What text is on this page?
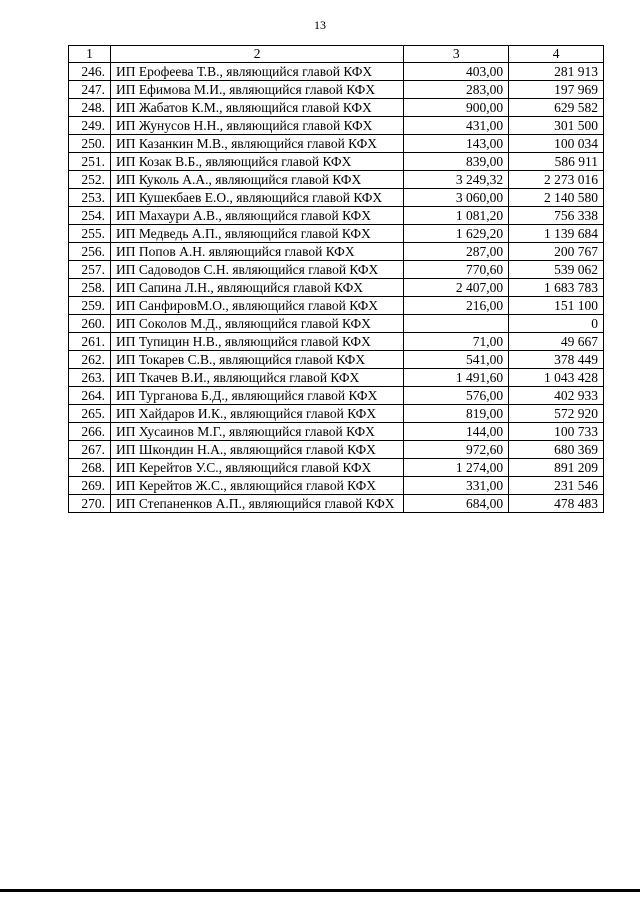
13
1	2	3	4
246.	ИП Ерофеева Т.В., являющийся главой КФХ	403,00	281 913
247.	ИП Ефимова М.И., являющийся главой КФХ	283,00	197 969
248.	ИП Жабатов К.М., являющийся главой КФХ	900,00	629 582
249.	ИП Жунусов Н.Н., являющийся главой КФХ	431,00	301 500
250.	ИП Казанкин М.В., являющийся главой КФХ	143,00	100 034
251.	ИП Козак В.Б., являющийся главой КФХ	839,00	586 911
252.	ИП Куколь А.А., являющийся главой КФХ	3 249,32	2 273 016
253.	ИП Кушекбаев Е.О., являющийся главой КФХ	3 060,00	2 140 580
254.	ИП Махаури А.В., являющийся главой КФХ	1 081,20	756 338
255.	ИП Медведь А.П., являющийся главой КФХ	1 629,20	1 139 684
256.	ИП Попов А.Н. являющийся главой КФХ	287,00	200 767
257.	ИП Садоводов С.Н. являющийся главой КФХ	770,60	539 062
258.	ИП Сапина Л.Н., являющийся главой КФХ	2 407,00	1 683 783
259.	ИП СанфировМ.О., являющийся главой КФХ	216,00	151 100
260.	ИП Соколов М.Д., являющийся главой КФХ		0
261.	ИП Тупицин Н.В., являющийся главой КФХ	71,00	49 667
262.	ИП Токарев С.В., являющийся главой КФХ	541,00	378 449
263.	ИП Ткачев В.И., являющийся главой КФХ	1 491,60	1 043 428
264.	ИП Турганова Б.Д., являющийся главой КФХ	576,00	402 933
265.	ИП Хайдаров И.К., являющийся главой КФХ	819,00	572 920
266.	ИП Хусаинов М.Г., являющийся главой КФХ	144,00	100 733
267.	ИП Шкондин Н.А., являющийся главой КФХ	972,60	680 369
268.	ИП Керейтов У.С., являющийся главой КФХ	1 274,00	891 209
269.	ИП Керейтов Ж.С., являющийся главой КФХ	331,00	231 546
270.	ИП Степаненков А.П., являющийся главой КФХ	684,00	478 483
